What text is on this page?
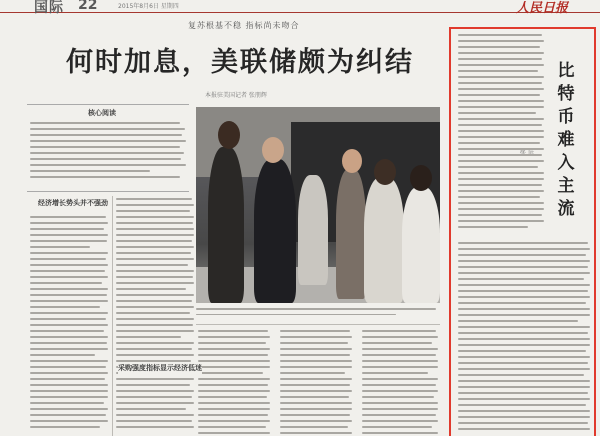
国际 22	2015年8月6日 星期四	人民日报
复苏根基不稳 指标尚未吻合
何时加息，美联储颇为纠结
本报驻美国记者 张朋辉
核心阅读
经济增长势头并不强劲
采购强度指标显示经济低迷
比特币难入主流
